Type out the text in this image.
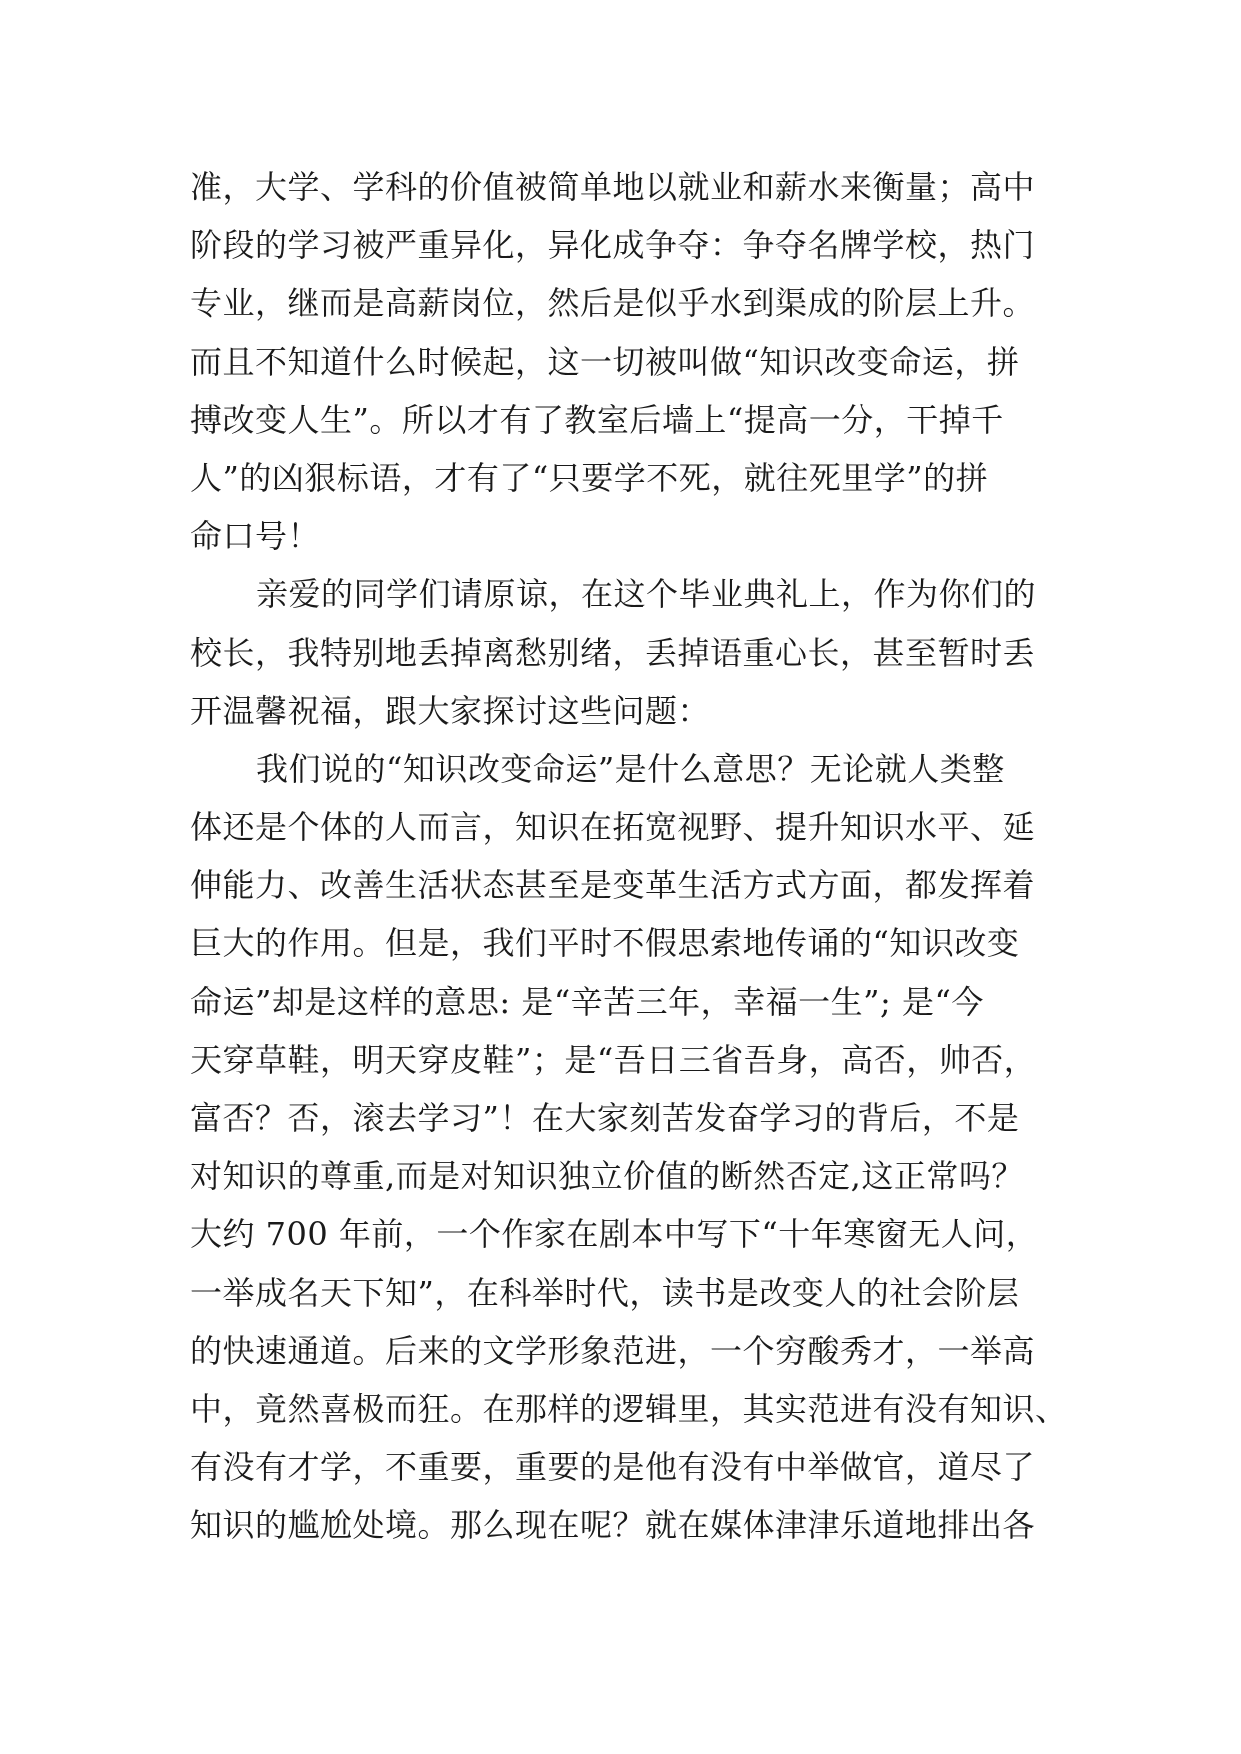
准，大学、学科的价值被简单地以就业和薪水来衡量；高中
阶段的学习被严重异化，异化成争夺：争夺名牌学校，热门
专业，继而是高薪岗位，然后是似乎水到渠成的阶层上升。
而且不知道什么时候起，这一切被叫做“知识改变命运，拼
搏改变人生”。所以才有了教室后墙上“提高一分，干掉千
人”的凶狠标语，才有了“只要学不死，就往死里学”的拼
命口号！
亲爱的同学们请原谅，在这个毕业典礼上，作为你们的
校长，我特别地丢掉离愁别绪，丢掉语重心长，甚至暂时丢
开温馨祝福，跟大家探讨这些问题：
我们说的“知识改变命运”是什么意思？无论就人类整
体还是个体的人而言，知识在拓宽视野、提升知识水平、延
伸能力、改善生活状态甚至是变革生活方式方面，都发挥着
巨大的作用。但是，我们平时不假思索地传诵的“知识改变
命运”却是这样的意思: 是“辛苦三年，幸福一生”; 是“今
天穿草鞋，明天穿皮鞋”；是“吾日三省吾身，高否，帅否，
富否？否，滚去学习”！在大家刻苦发奋学习的背后，不是
对知识的尊重,而是对知识独立价值的断然否定,这正常吗？
大约 700 年前，一个作家在剧本中写下“十年寒窗无人问，
一举成名天下知”，在科举时代，读书是改变人的社会阶层
的快速通道。后来的文学形象范进，一个穷酸秀才，一举高
中，竟然喜极而狂。在那样的逻辑里，其实范进有没有知识、
有没有才学，不重要，重要的是他有没有中举做官，道尽了
知识的尴尬处境。那么现在呢？就在媒体津津乐道地排出各
